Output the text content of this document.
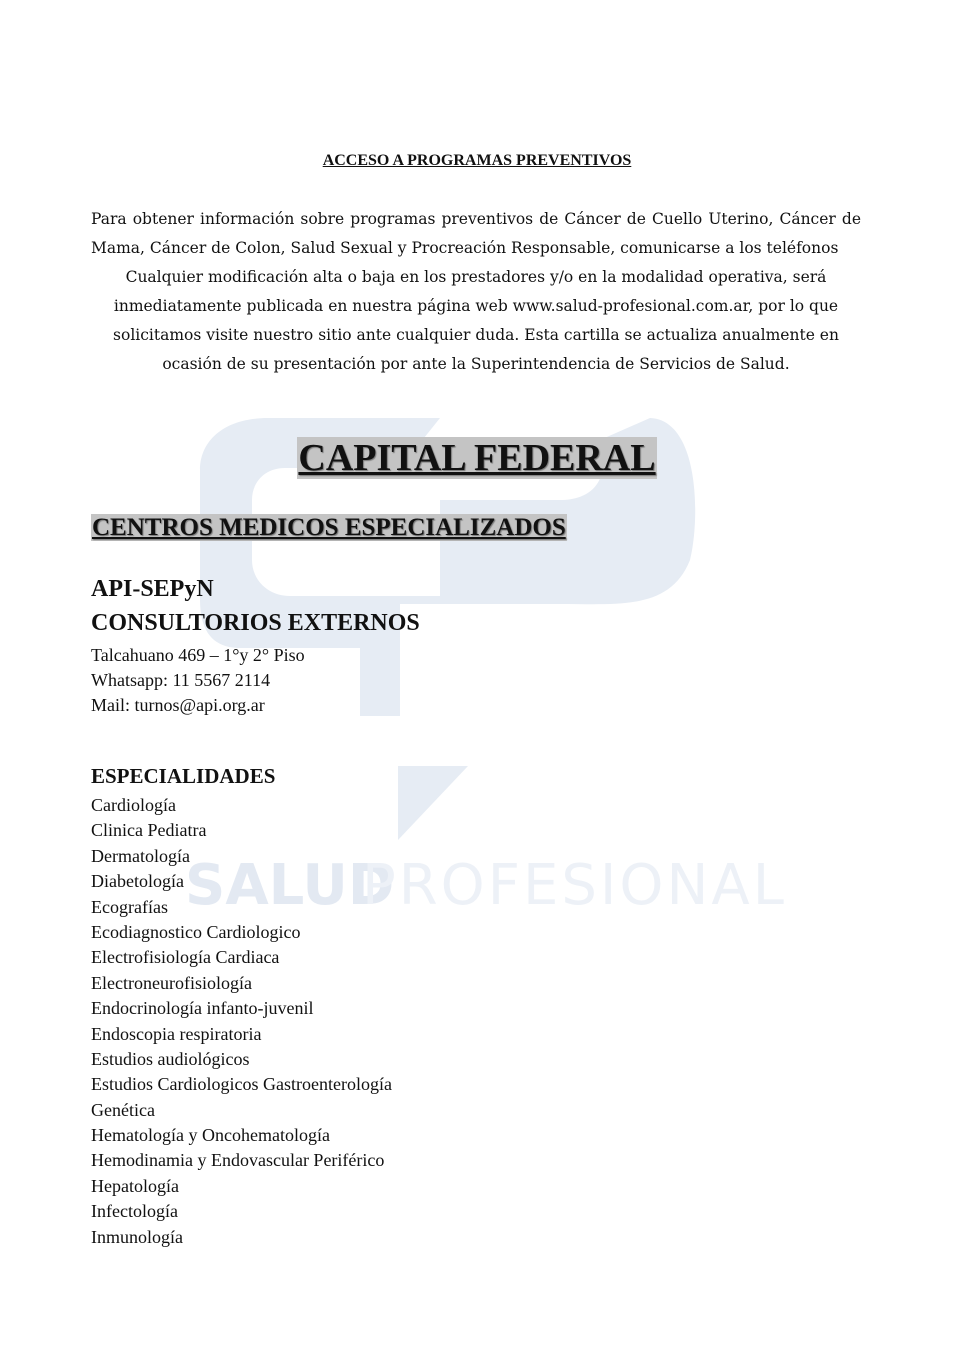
SALUD
PROFESIONAL
ACCESO A PROGRAMAS PREVENTIVOS
Para obtener información sobre programas preventivos de Cáncer de Cuello Uterino, Cáncer de Mama, Cáncer de Colon, Salud Sexual y Procreación Responsable, comunicarse a los teléfonos
Cualquier modificación alta o baja en los prestadores y/o en la modalidad operativa, será inmediatamente publicada en nuestra página web www.salud-profesional.com.ar, por lo que solicitamos visite nuestro sitio ante cualquier duda. Esta cartilla se actualiza anualmente en ocasión de su presentación por ante la Superintendencia de Servicios de Salud.
CAPITAL FEDERAL
CENTROS MEDICOS ESPECIALIZADOS
API-SEPyN
CONSULTORIOS EXTERNOS
Talcahuano 469 – 1°y 2° Piso
Whatsapp: 11 5567 2114
Mail: turnos@api.org.ar
ESPECIALIDADES
Cardiología
Clinica Pediatra
Dermatología
Diabetología
Ecografías
Ecodiagnostico Cardiologico
Electrofisiología Cardiaca
Electroneurofisiología
Endocrinología infanto-juvenil
Endoscopia respiratoria
Estudios audiológicos
Estudios Cardiologicos Gastroenterología
Genética
Hematología y Oncohematología
Hemodinamia y Endovascular Periférico
Hepatología
Infectología
Inmunología
